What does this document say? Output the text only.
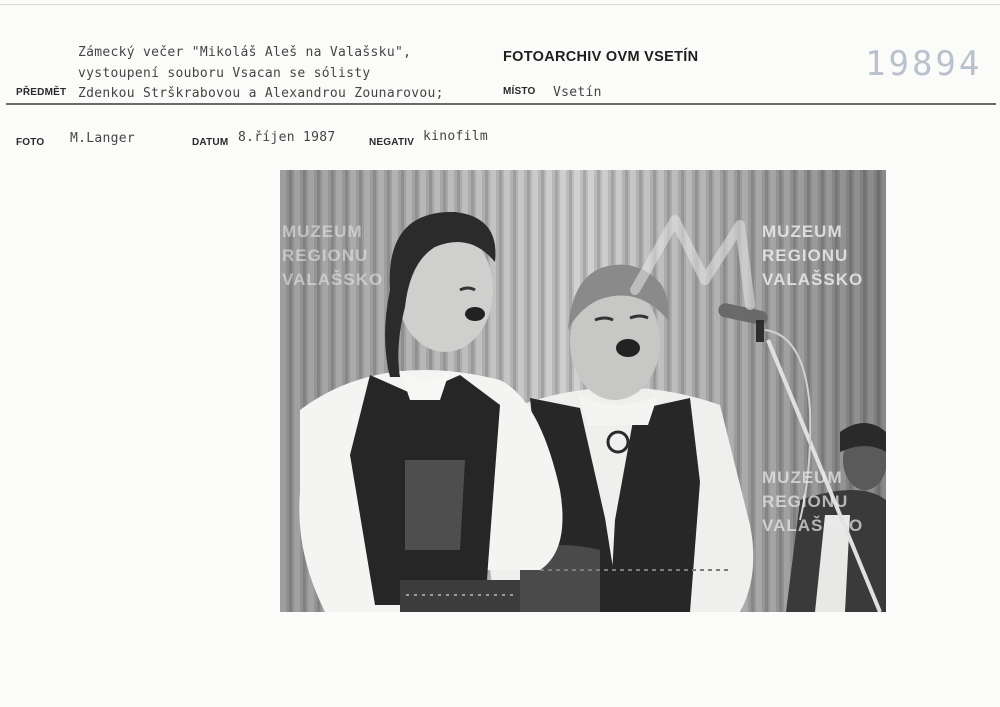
Zámecký večer "Mikoláš Aleš na Valašsku",
vystoupení souboru Vsacan se sólisty
PŘEDMĚT Zdenkou Strškrabovou a Alexandrou Zounarovou;
FOTOARCHIV OVM VSETÍN
MÍSTO Vsetín
19894
FOTO M.Langer	DATUM 8.říjen 1987	NEGATIV kinofilm
MUZEUM
REGIONU
VALAŠSKO
MUZEUM
REGIONU
VALAŠSKO
MUZEUM
REGIONU
VALAŠSKO
